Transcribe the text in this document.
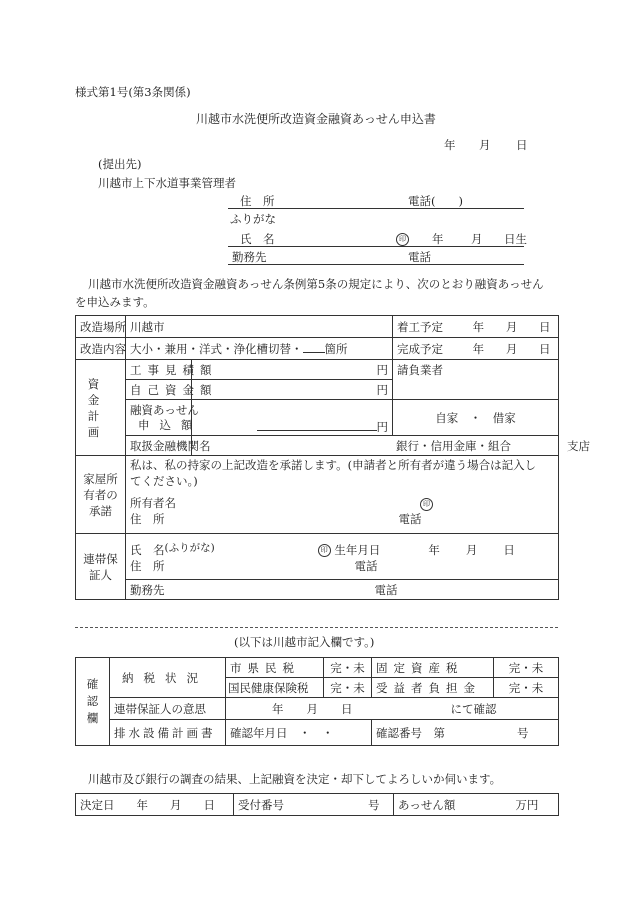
様式第1号(第3条関係)
川越市水洗便所改造資金融資あっせん申込書
年 月 日
(提出先)
川越市上下水道事業管理者
住　所	電話(　　)
ふりがな
氏　名	印 年 月 日生
勤務先	電話
川越市水洗便所改造資金融資あっせん条例第5条の規定により、次のとおり融資あっせん
を申込みます。
改造場所	川越市		着工予定 年 月 日
改造内容	大小・兼用・洋式・浄化槽切替・ 箇所		完成予定 年 月 日
資金計画	工事見積額	円	請負業者
	自己資金額	円	

	融資あっせん
申込額	円	自家　・　借家
	取扱金融機関名	銀行・信用金庫・組合 支店	
家屋所有者の承諾	私は、私の持家の上記改造を承諾します。(申請者と所有者が違う場合は記入し
てください。)
所有者名 印
住　所 電話		

連帯保証人	氏　名(ふりがな) 印 生年月日 年 月 日
住　所 電話		

	勤務先 電話		
(以下は川越市記入欄です。)
確認欄	納税状況	市県民税	完・未	固定資産税	完・未
		国民健康保険税	完・未	受益者負担金	完・未
	連帯保証人の意思	年　　月　　日 にて確認			
	排水設備計画書	確認年月日　・　・		確認番号　第 号	
川越市及び銀行の調査の結果、上記融資を決定・却下してよろしいか伺います。
決定日 年 月 日	受付番号	号	あっせん額	万円
